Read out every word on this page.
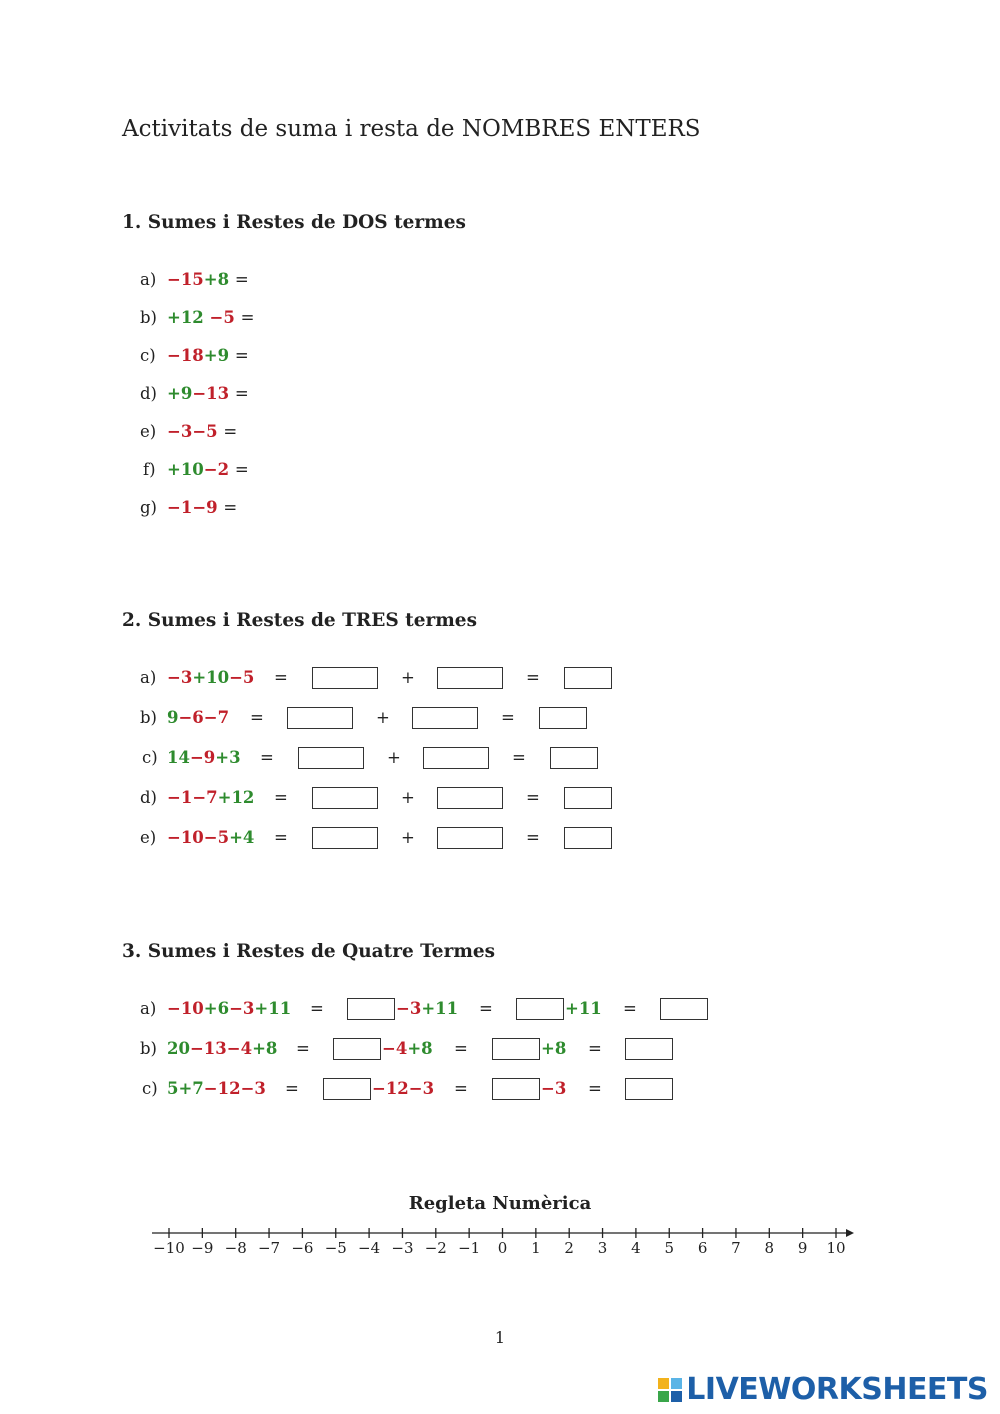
Activitats de suma i resta de NOMBRES ENTERS
1. Sumes i Restes de DOS termes
a) −15+8 =
b) +12 −5 =
c) −18+9 =
d) +9−13 =
e) −3−5 =
f) +10−2 =
g) −1−9 =
2. Sumes i Restes de TRES termes
a) −3+10−5 =	+	=
b) 9−6−7 =	+	=
c) 14−9+3 =	+	=
d) −1−7+12 =	+	=
e) −10−5+4 =	+	=
3. Sumes i Restes de Quatre Termes
a) −10+6−3+11 =	−3+11 =	+11 =
b) 20−13−4+8 =	−4+8 =	+8 =
c) 5+7−12−3 =	−12−3 =	−3 =
Regleta Numèrica
−10 −9 −8 −7 −6 −5 −4 −3 −2 −1 0 1 2 3 4 5 6 7 8 9 10
1
LIVEWORKSHEETS
